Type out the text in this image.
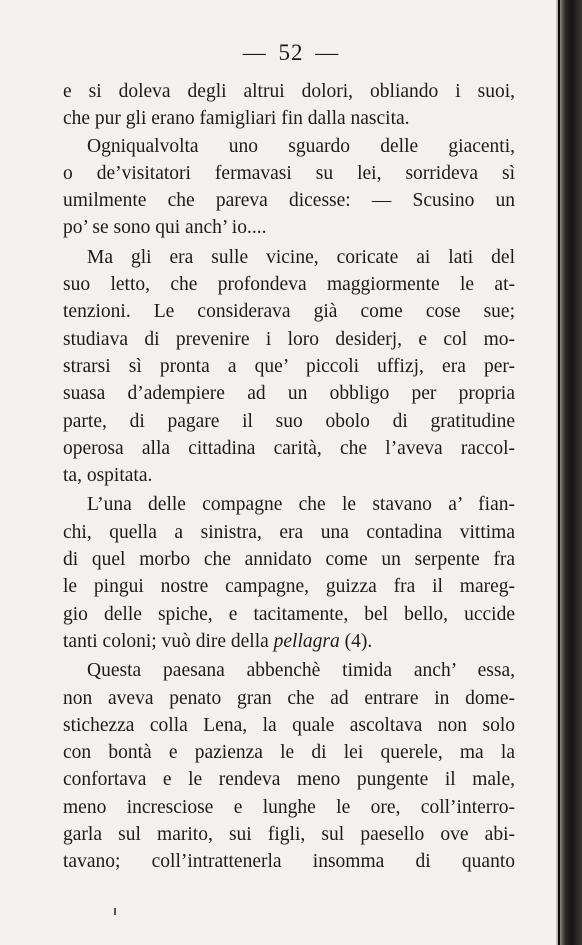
— 52 —
e si doleva degli altrui dolori, obliando i suoi,
che pur gli erano famigliari fin dalla nascita.
Ogniqualvolta uno sguardo delle giacenti,
o de’visitatori fermavasi su lei, sorrideva sì
umilmente che pareva dicesse: — Scusino un
po’ se sono qui anch’ io....
Ma gli era sulle vicine, coricate ai lati del
suo letto, che profondeva maggiormente le at-
tenzioni. Le considerava già come cose sue;
studiava di prevenire i loro desiderj, e col mo-
strarsi sì pronta a que’ piccoli uffizj, era per-
suasa d’adempiere ad un obbligo per propria
parte, di pagare il suo obolo di gratitudine
operosa alla cittadina carità, che l’aveva raccol-
ta, ospitata.
L’una delle compagne che le stavano a’ fian-
chi, quella a sinistra, era una contadina vittima
di quel morbo che annidato come un serpente fra
le pingui nostre campagne, guizza fra il mareg-
gio delle spiche, e tacitamente, bel bello, uccide
tanti coloni; vuò dire della pellagra (4).
Questa paesana abbenchè timida anch’ essa,
non aveva penato gran che ad entrare in dome-
stichezza colla Lena, la quale ascoltava non solo
con bontà e pazienza le di lei querele, ma la
confortava e le rendeva meno pungente il male,
meno incresciose e lunghe le ore, coll’interro-
garla sul marito, sui figli, sul paesello ove abi-
tavano; coll’intrattenerla insomma di quanto
